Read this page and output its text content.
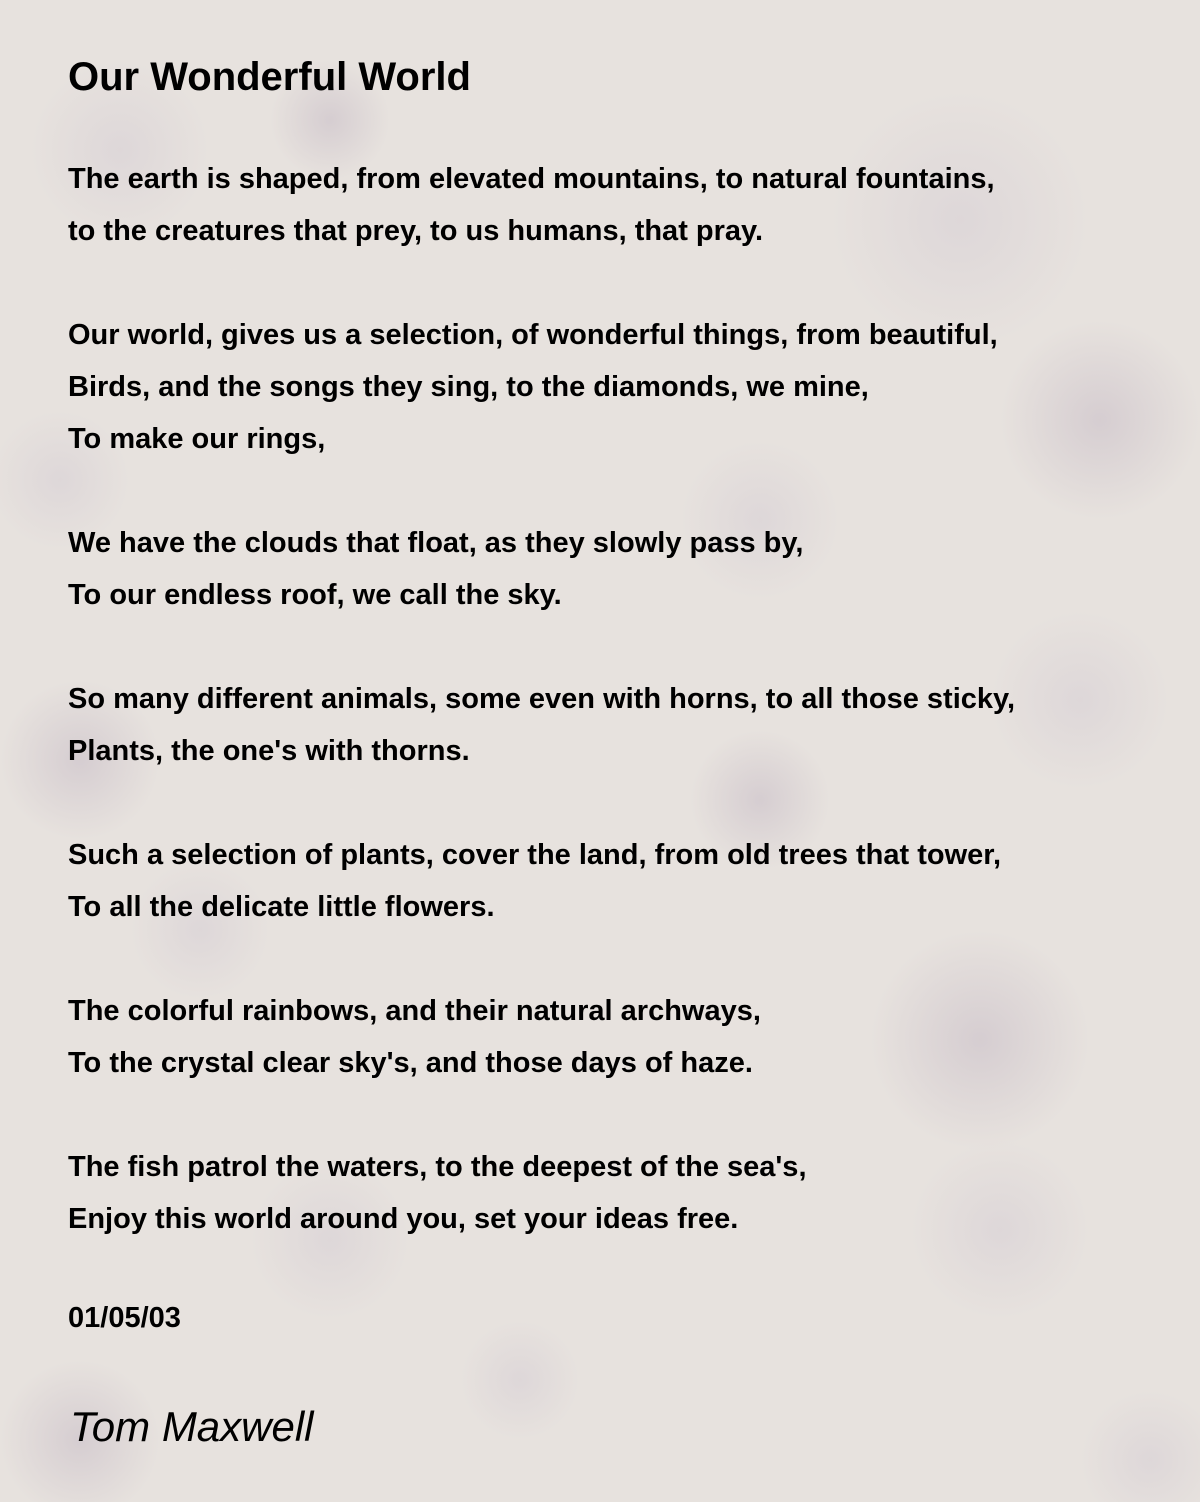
Our Wonderful World
The earth is shaped, from elevated mountains, to natural fountains,
to the creatures that prey, to us humans, that pray.
Our world, gives us a selection, of wonderful things, from beautiful,
Birds, and the songs they sing, to the diamonds, we mine,
To make our rings,
We have the clouds that float, as they slowly pass by,
To our endless roof, we call the sky.
So many different animals, some even with horns, to all those sticky,
Plants, the one's with thorns.
Such a selection of plants, cover the land, from old trees that tower,
To all the delicate little flowers.
The colorful rainbows, and their natural archways,
To the crystal clear sky's, and those days of haze.
The fish patrol the waters, to the deepest of the sea's,
Enjoy this world around you, set your ideas free.
01/05/03
Tom Maxwell
